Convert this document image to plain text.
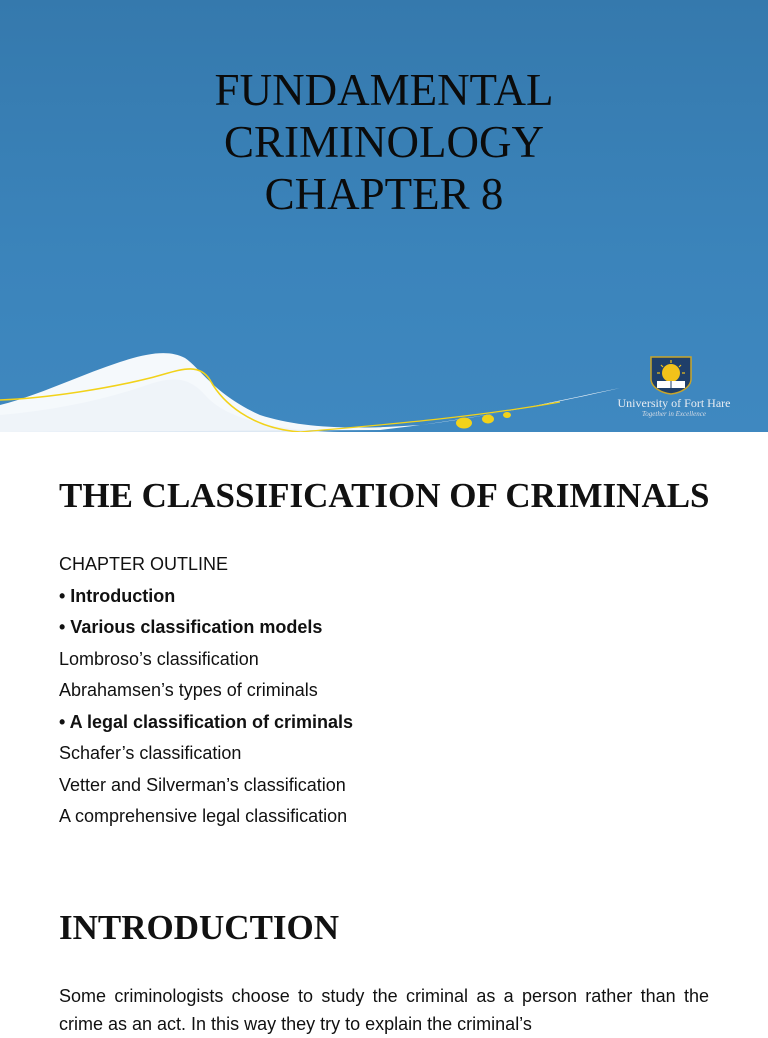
FUNDAMENTAL
CRIMINOLOGY
CHAPTER 8
University of Fort Hare
Together in Excellence
THE CLASSIFICATION OF CRIMINALS
CHAPTER OUTLINE
• Introduction
• Various classification models
Lombroso’s classification
Abrahamsen’s types of criminals
• A legal classification of criminals
Schafer’s classification
Vetter and Silverman’s classification
A comprehensive legal classification
INTRODUCTION

Some criminologists choose to study the criminal as a person rather than the crime as an act. In this way they try to explain the criminal’s
